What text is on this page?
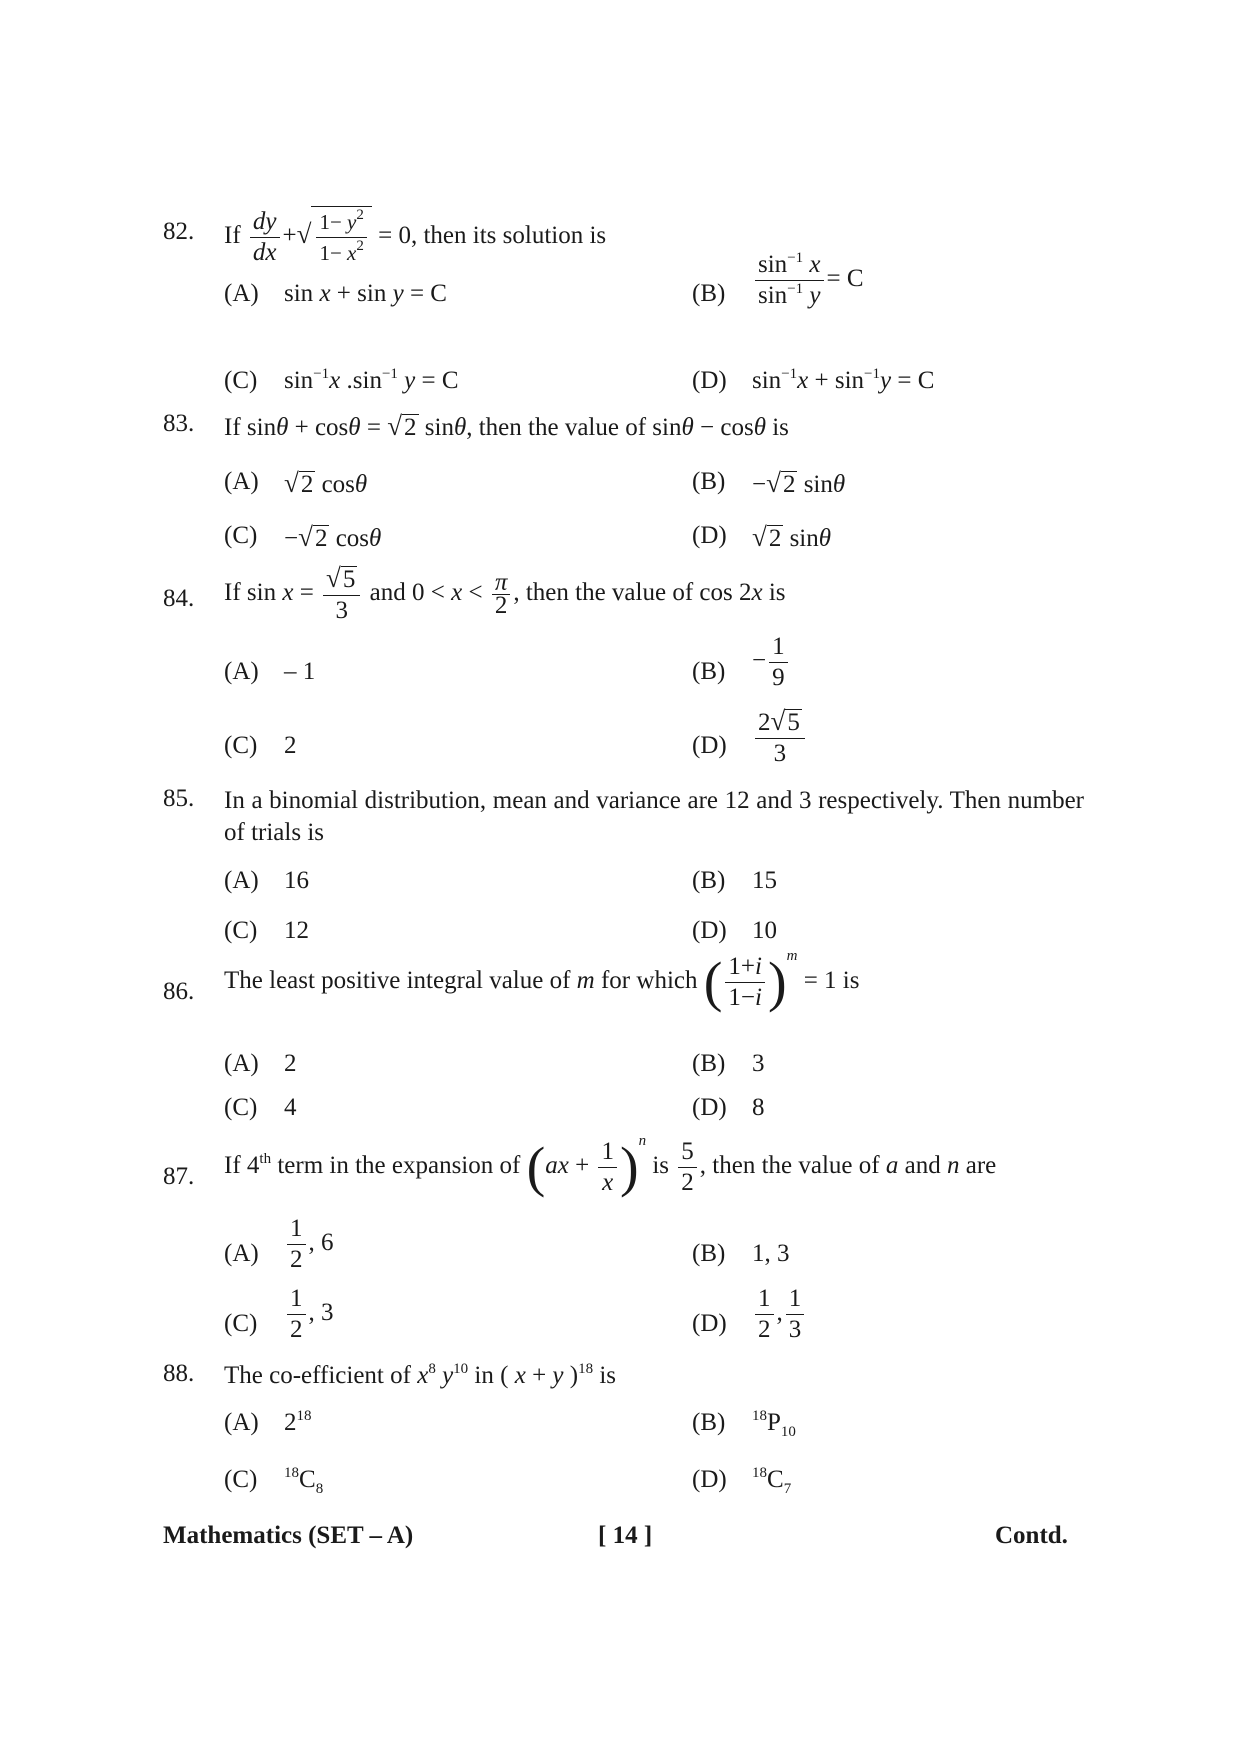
82. If $\frac{dy}{dx}$ +√ $\frac{1- y^2}{1- x^2} = 0$, then its solution is
(A) sin x + sin y = C	$(B) \frac{\sin^{-1} x}{\sin^{-1} y} = C$
(C) $\sin^{-1}x$ $.\sin^{-1}$ y = C	(D) $\sin^{-1}x + \sin^{-1}y = C$
83. If sinθ + cosθ = √2 sinθ, then the value of sinθ − cosθ is
(A) √2 cosθ	(B) −√2 sinθ
(C) −√2 cosθ	(D) √2 sinθ
84. If $\sin x = \frac{√5}{3}$ and $0 < x < \frac{\pi}{2}$ , then the value of cos 2x is
(A) – 1	$(B) - \frac{1}{9}$
(C) 2	$(D) \frac{2√5}{3}$
85. In a binomial distribution, mean and variance are 12 and 3 respectively. Then number of trials is
(A) 16	(B) 15
(C) 12	(D) 10
86. The least positive integral value of m for which ( $\frac{1+i}{1-i} )^m = 1$ is
(A) 2	(B) 3
(C) 4	(D) 8
87. If 4th term in the expansion of $(ax + \frac{1}{x} )^n$ is $\frac{5}{2}$ , then the value of a and n are
$(A) \frac{1}{2}$ , 6	(B) 1, 3
$(C) \frac{1}{2}$ , 3	$(D) \frac{1}{2}$ , $\frac{1}{3}$
88. The co-efficient of $x^8$ $y^{10}$ in ( x + y )$^{18}$ is
(A) $2^{18}$	(B) $^{18}P_{10}$
(C) $^{18}C_8$	(D) $^{18}C_7$
Mathematics (SET – A)	[ 14 ]	Contd.
